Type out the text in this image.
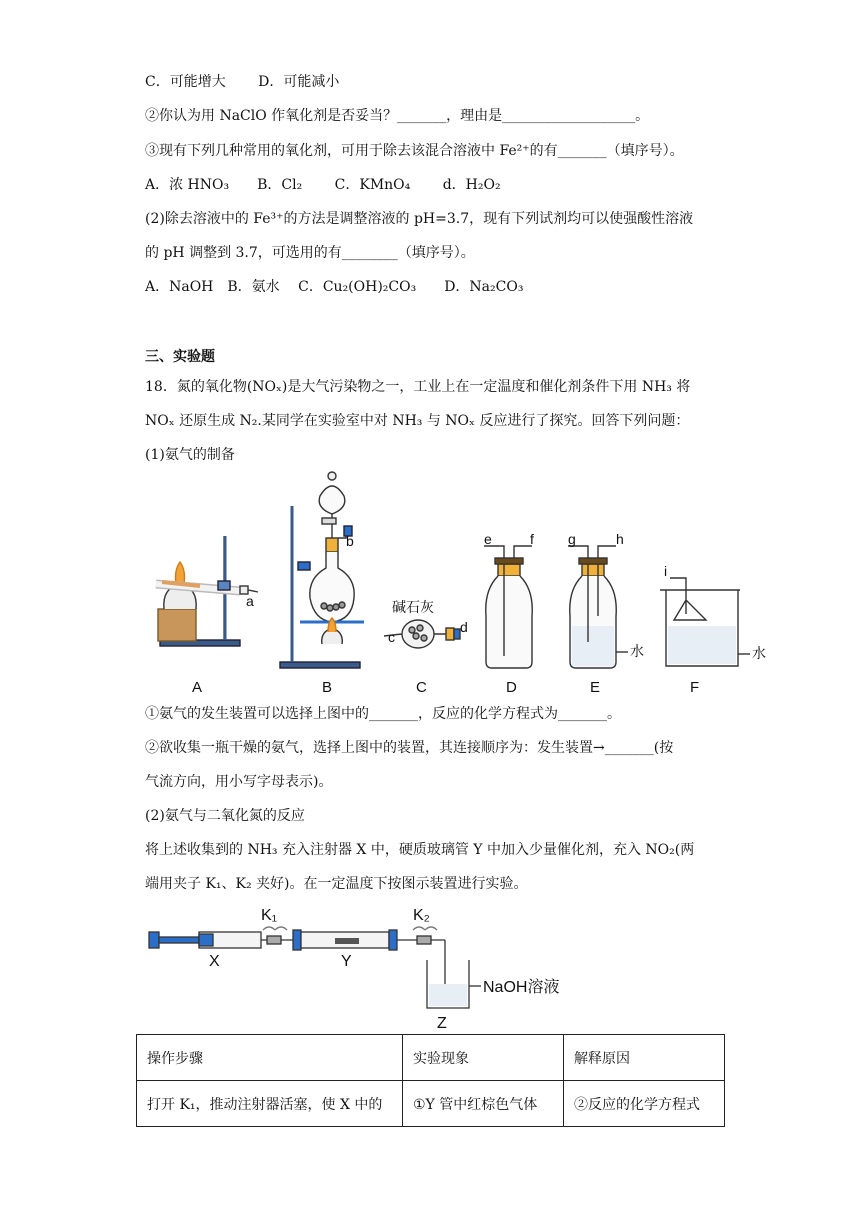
C．可能增大　　 D．可能减小
②你认为用 NaClO 作氧化剂是否妥当？_______，理由是___________________。
③现有下列几种常用的氧化剂，可用于除去该混合溶液中 Fe²⁺的有_______（填序号）。
A．浓 HNO₃　　B．Cl₂　　 C．KMnO₄　　 d．H₂O₂
(2)除去溶液中的 Fe³⁺的方法是调整溶液的 pH=3.7，现有下列试剂均可以使强酸性溶液
的 pH 调整到 3.7，可选用的有________（填序号）。
A．NaOH　B．氨水　 C．Cu₂(OH)₂CO₃　　D．Na₂CO₃
三、实验题
18．氮的氧化物(NOₓ)是大气污染物之一，工业上在一定温度和催化剂条件下用 NH₃ 将
NOₓ 还原生成 N₂.某同学在实验室中对 NH₃ 与 NOₓ 反应进行了探究。回答下列问题：
(1)氨气的制备
A	B	C	D	E	F
a
b
c
d
e	f g	h
i
碱石灰
水	水
①氨气的发生装置可以选择上图中的_______，反应的化学方程式为_______。
②欲收集一瓶干燥的氨气，选择上图中的装置，其连接顺序为：发生装置→_______(按
气流方向，用小写字母表示)。
(2)氨气与二氧化氮的反应
将上述收集到的 NH₃ 充入注射器 X 中，硬质玻璃管 Y 中加入少量催化剂，充入 NO₂(两
端用夹子 K₁、K₂ 夹好)。在一定温度下按图示装置进行实验。
K₁	K₂
X	Y
Z
NaOH溶液
操作步骤	实验现象	解释原因
打开 K₁，推动注射器活塞，使 X 中的	①Y 管中红棕色气体	②反应的化学方程式
